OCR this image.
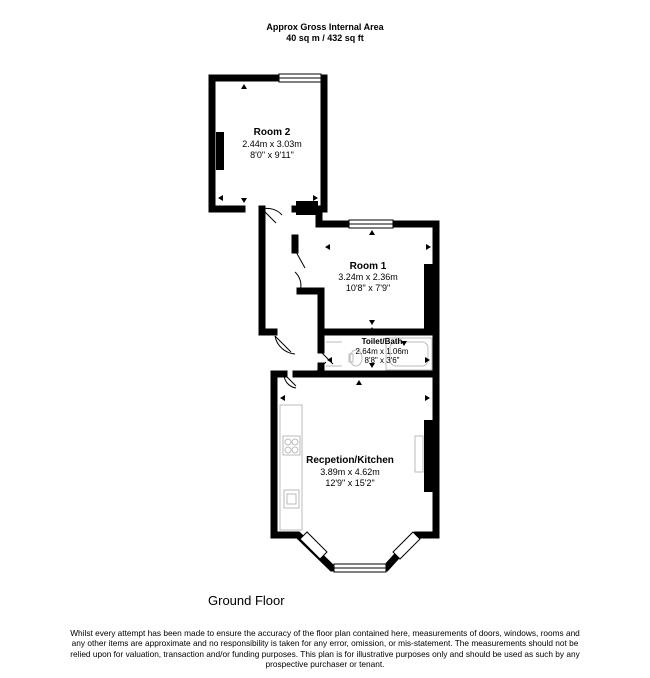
Approx Gross Internal Area
40 sq m / 432 sq ft
Room 2
2.44m x 3.03m
8'0" x 9'11"
Room 1
3.24m x 2.36m
10'8" x 7'9"
Toilet/Bath
2.64m x 1.06m
8'8" x 3'6"
Recpetion/Kitchen
3.89m x 4.62m
12'9" x 15'2"
Ground Floor
Whilst every attempt has been made to ensure the accuracy of the floor plan contained here, measurements of doors, windows, rooms and any other items are approximate and no responsibility is taken for any error, omission, or mis-statement. The measurements should not be relied upon for valuation, transaction and/or funding purposes. This plan is for illustrative purposes only and should be used as such by any prospective purchaser or tenant.
